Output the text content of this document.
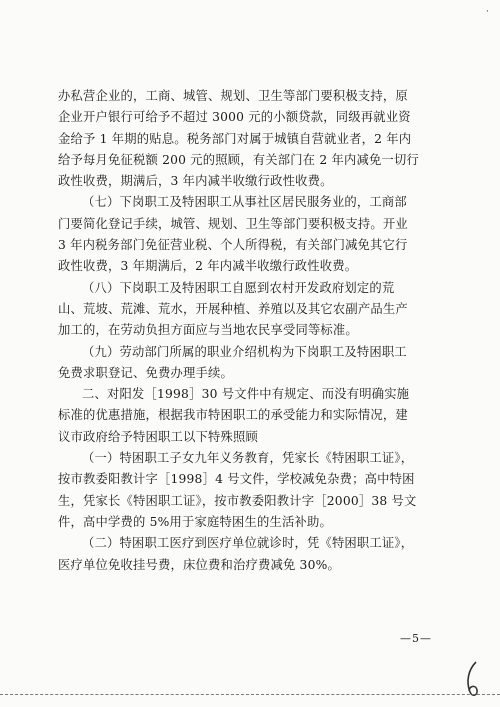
·
办私营企业的，工商、城管、规划、卫生等部门要积极支持，原
企业开户银行可给予不超过 3000 元的小额贷款，同级再就业资
金给予 1 年期的贴息。税务部门对属于城镇自营就业者，2 年内
给予每月免征税额 200 元的照顾，有关部门在 2 年内减免一切行
政性收费，期满后，3 年内减半收缴行政性收费。
（七）下岗职工及特困职工从事社区居民服务业的，工商部
门要简化登记手续，城管、规划、卫生等部门要积极支持。开业
3 年内税务部门免征营业税、个人所得税，有关部门减免其它行
政性收费，3 年期满后，2 年内减半收缴行政性收费。
（八）下岗职工及特困职工自愿到农村开发政府划定的荒
山、荒坡、荒滩、荒水，开展种植、养殖以及其它农副产品生产
加工的，在劳动负担方面应与当地农民享受同等标准。
（九）劳动部门所属的职业介绍机构为下岗职工及特困职工
免费求职登记、免费办理手续。
二、对阳发［1998］30 号文件中有规定、而没有明确实施
标准的优惠措施，根据我市特困职工的承受能力和实际情况，建
议市政府给予特困职工以下特殊照顾
（一）特困职工子女九年义务教育，凭家长《特困职工证》，
按市教委阳教计字［1998］4 号文件，学校减免杂费；高中特困
生，凭家长《特困职工证》，按市教委阳教计字［2000］38 号文
件，高中学费的 5%用于家庭特困生的生活补助。
（二）特困职工医疗到医疗单位就诊时，凭《特困职工证》，
医疗单位免收挂号费，床位费和治疗费减免 30%。
—5—
